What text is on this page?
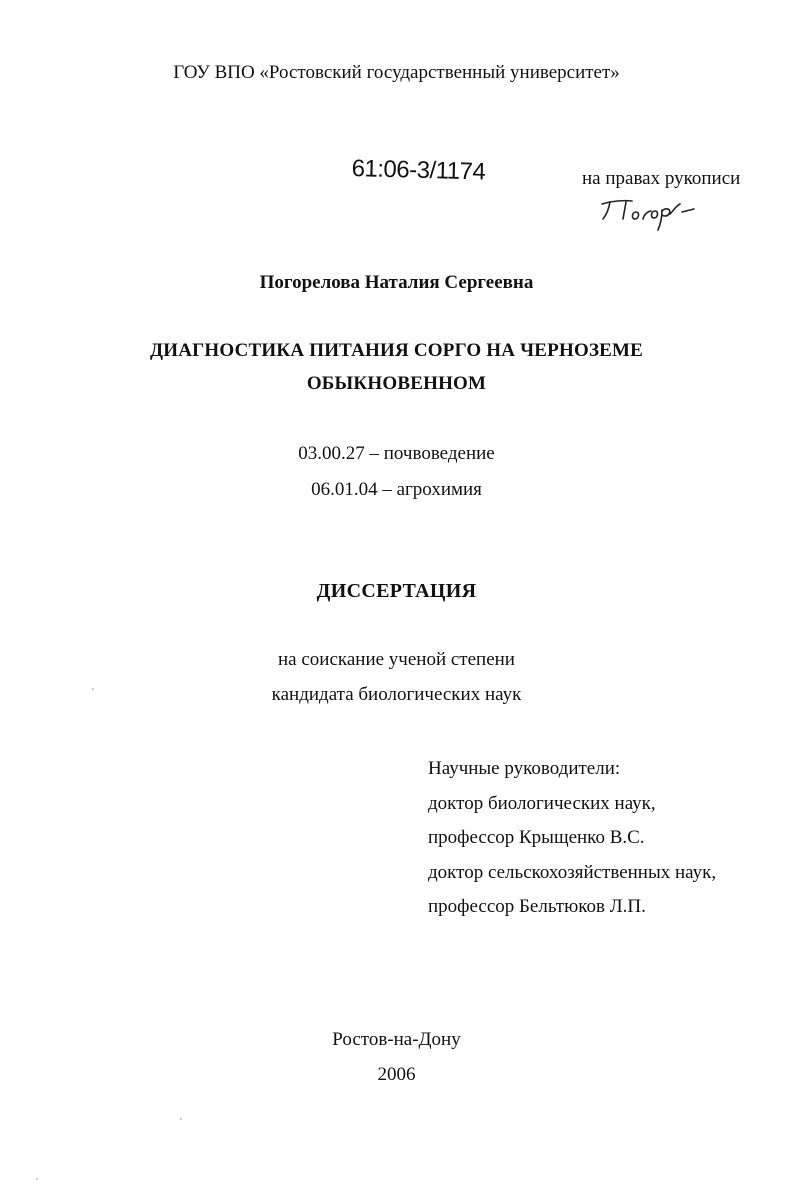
ГОУ ВПО «Ростовский государственный университет»
61:06-3/1174	на правах рукописи
Погорелова Наталия Сергеевна
ДИАГНОСТИКА ПИТАНИЯ СОРГО НА ЧЕРНОЗЕМЕ
ОБЫКНОВЕННОМ
03.00.27 – почвоведение
06.01.04 – агрохимия
ДИССЕРТАЦИЯ
на соискание ученой степени
кандидата биологических наук
Научные руководители:
доктор биологических наук,
профессор Крыщенко В.С.
доктор сельскохозяйственных наук,
профессор Бельтюков Л.П.
Ростов-на-Дону
2006
